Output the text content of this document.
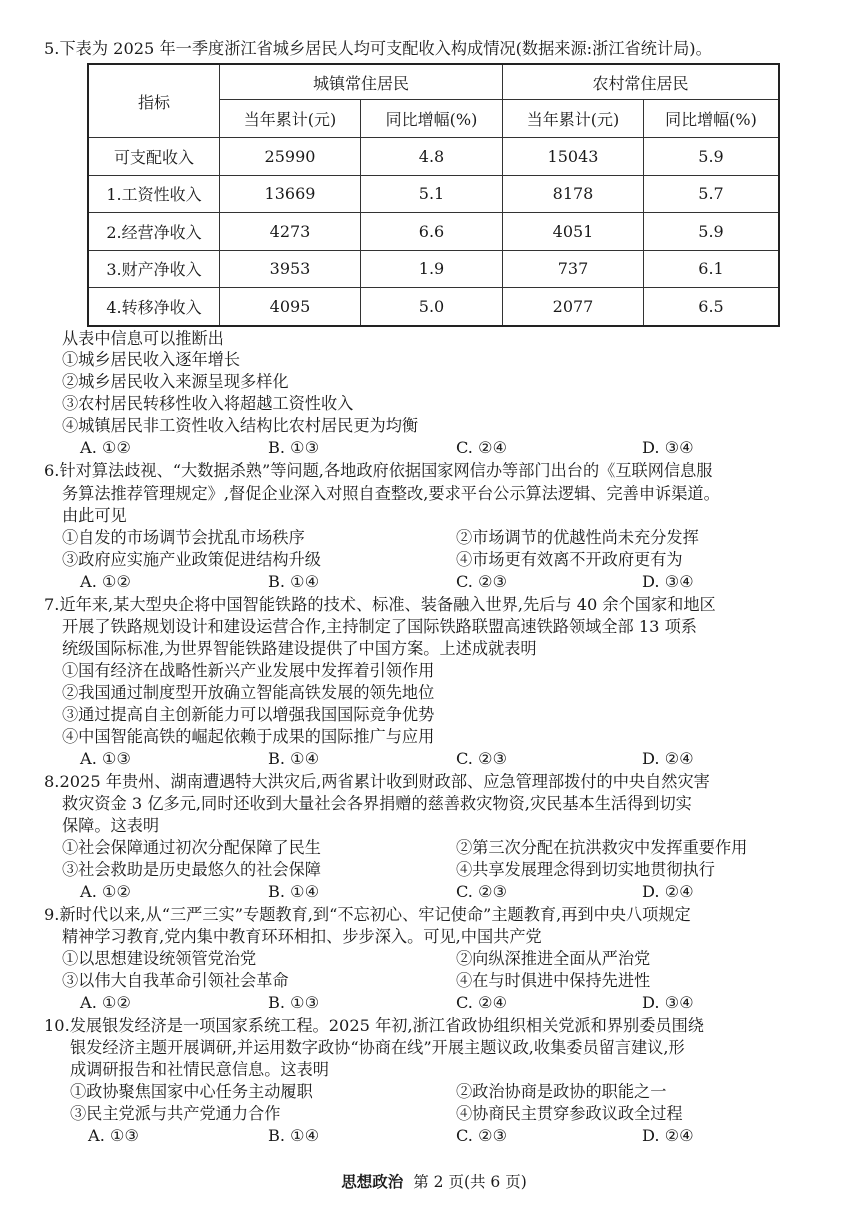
5.下表为 2025 年一季度浙江省城乡居民人均可支配收入构成情况(数据来源:浙江省统计局)。
指标	城镇常住居民		农村常住居民	
	当年累计(元)	同比增幅(%)	当年累计(元)	同比增幅(%)
可支配收入	25990	4.8	15043	5.9
1.工资性收入	13669	5.1	8178	5.7
2.经营净收入	4273	6.6	4051	5.9
3.财产净收入	3953	1.9	737	6.1
4.转移净收入	4095	5.0	2077	6.5
从表中信息可以推断出
①城乡居民收入逐年增长
②城乡居民收入来源呈现多样化
③农村居民转移性收入将超越工资性收入
④城镇居民非工资性收入结构比农村居民更为均衡
A. ①②	B. ①③	C. ②④	D. ③④
6.针对算法歧视、“大数据杀熟”等问题,各地政府依据国家网信办等部门出台的《互联网信息服
务算法推荐管理规定》,督促企业深入对照自查整改,要求平台公示算法逻辑、完善申诉渠道。
由此可见
①自发的市场调节会扰乱市场秩序	②市场调节的优越性尚未充分发挥
③政府应实施产业政策促进结构升级	④市场更有效离不开政府更有为
A. ①②	B. ①④	C. ②③	D. ③④
7.近年来,某大型央企将中国智能铁路的技术、标准、装备融入世界,先后与 40 余个国家和地区
开展了铁路规划设计和建设运营合作,主持制定了国际铁路联盟高速铁路领域全部 13 项系
统级国际标准,为世界智能铁路建设提供了中国方案。上述成就表明
①国有经济在战略性新兴产业发展中发挥着引领作用
②我国通过制度型开放确立智能高铁发展的领先地位
③通过提高自主创新能力可以增强我国国际竞争优势
④中国智能高铁的崛起依赖于成果的国际推广与应用
A. ①③	B. ①④	C. ②③	D. ②④
8.2025 年贵州、湖南遭遇特大洪灾后,两省累计收到财政部、应急管理部拨付的中央自然灾害
救灾资金 3 亿多元,同时还收到大量社会各界捐赠的慈善救灾物资,灾民基本生活得到切实
保障。这表明
①社会保障通过初次分配保障了民生	②第三次分配在抗洪救灾中发挥重要作用
③社会救助是历史最悠久的社会保障	④共享发展理念得到切实地贯彻执行
A. ①②	B. ①④	C. ②③	D. ②④
9.新时代以来,从“三严三实”专题教育,到“不忘初心、牢记使命”主题教育,再到中央八项规定
精神学习教育,党内集中教育环环相扣、步步深入。可见,中国共产党
①以思想建设统领管党治党	②向纵深推进全面从严治党
③以伟大自我革命引领社会革命	④在与时俱进中保持先进性
A. ①②	B. ①③	C. ②④	D. ③④
10.发展银发经济是一项国家系统工程。2025 年初,浙江省政协组织相关党派和界别委员围绕
银发经济主题开展调研,并运用数字政协“协商在线”开展主题议政,收集委员留言建议,形
成调研报告和社情民意信息。这表明
①政协聚焦国家中心任务主动履职	②政治协商是政协的职能之一
③民主党派与共产党通力合作	④协商民主贯穿参政议政全过程
A. ①③	B. ①④	C. ②③	D. ②④
思想政治 第 2 页(共 6 页)
